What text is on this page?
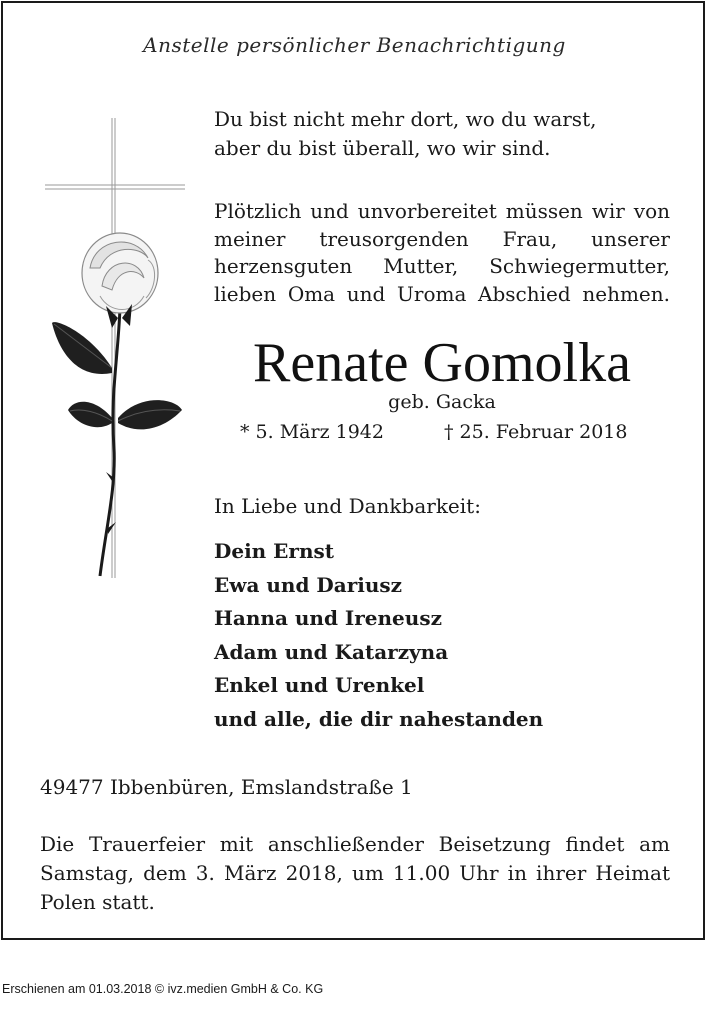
Anstelle persönlicher Benachrichtigung
Du bist nicht mehr dort, wo du warst,
aber du bist überall, wo wir sind.
Plötzlich und unvorbereitet müssen wir von meiner treusorgenden Frau, unserer herzensguten Mutter, Schwiegermutter, lieben Oma und Uroma Abschied nehmen.
Renate Gomolka
geb. Gacka
* 5. März 1942	† 25. Februar 2018
In Liebe und Dankbarkeit:
Dein Ernst
Ewa und Dariusz
Hanna und Ireneusz
Adam und Katarzyna
Enkel und Urenkel
und alle, die dir nahestanden
49477 Ibbenbüren, Emslandstraße 1
Die Trauerfeier mit anschließender Beisetzung findet am Samstag, dem 3. März 2018, um 11.00 Uhr in ihrer Heimat Polen statt.
Erschienen am 01.03.2018 © ivz.medien GmbH & Co. KG
